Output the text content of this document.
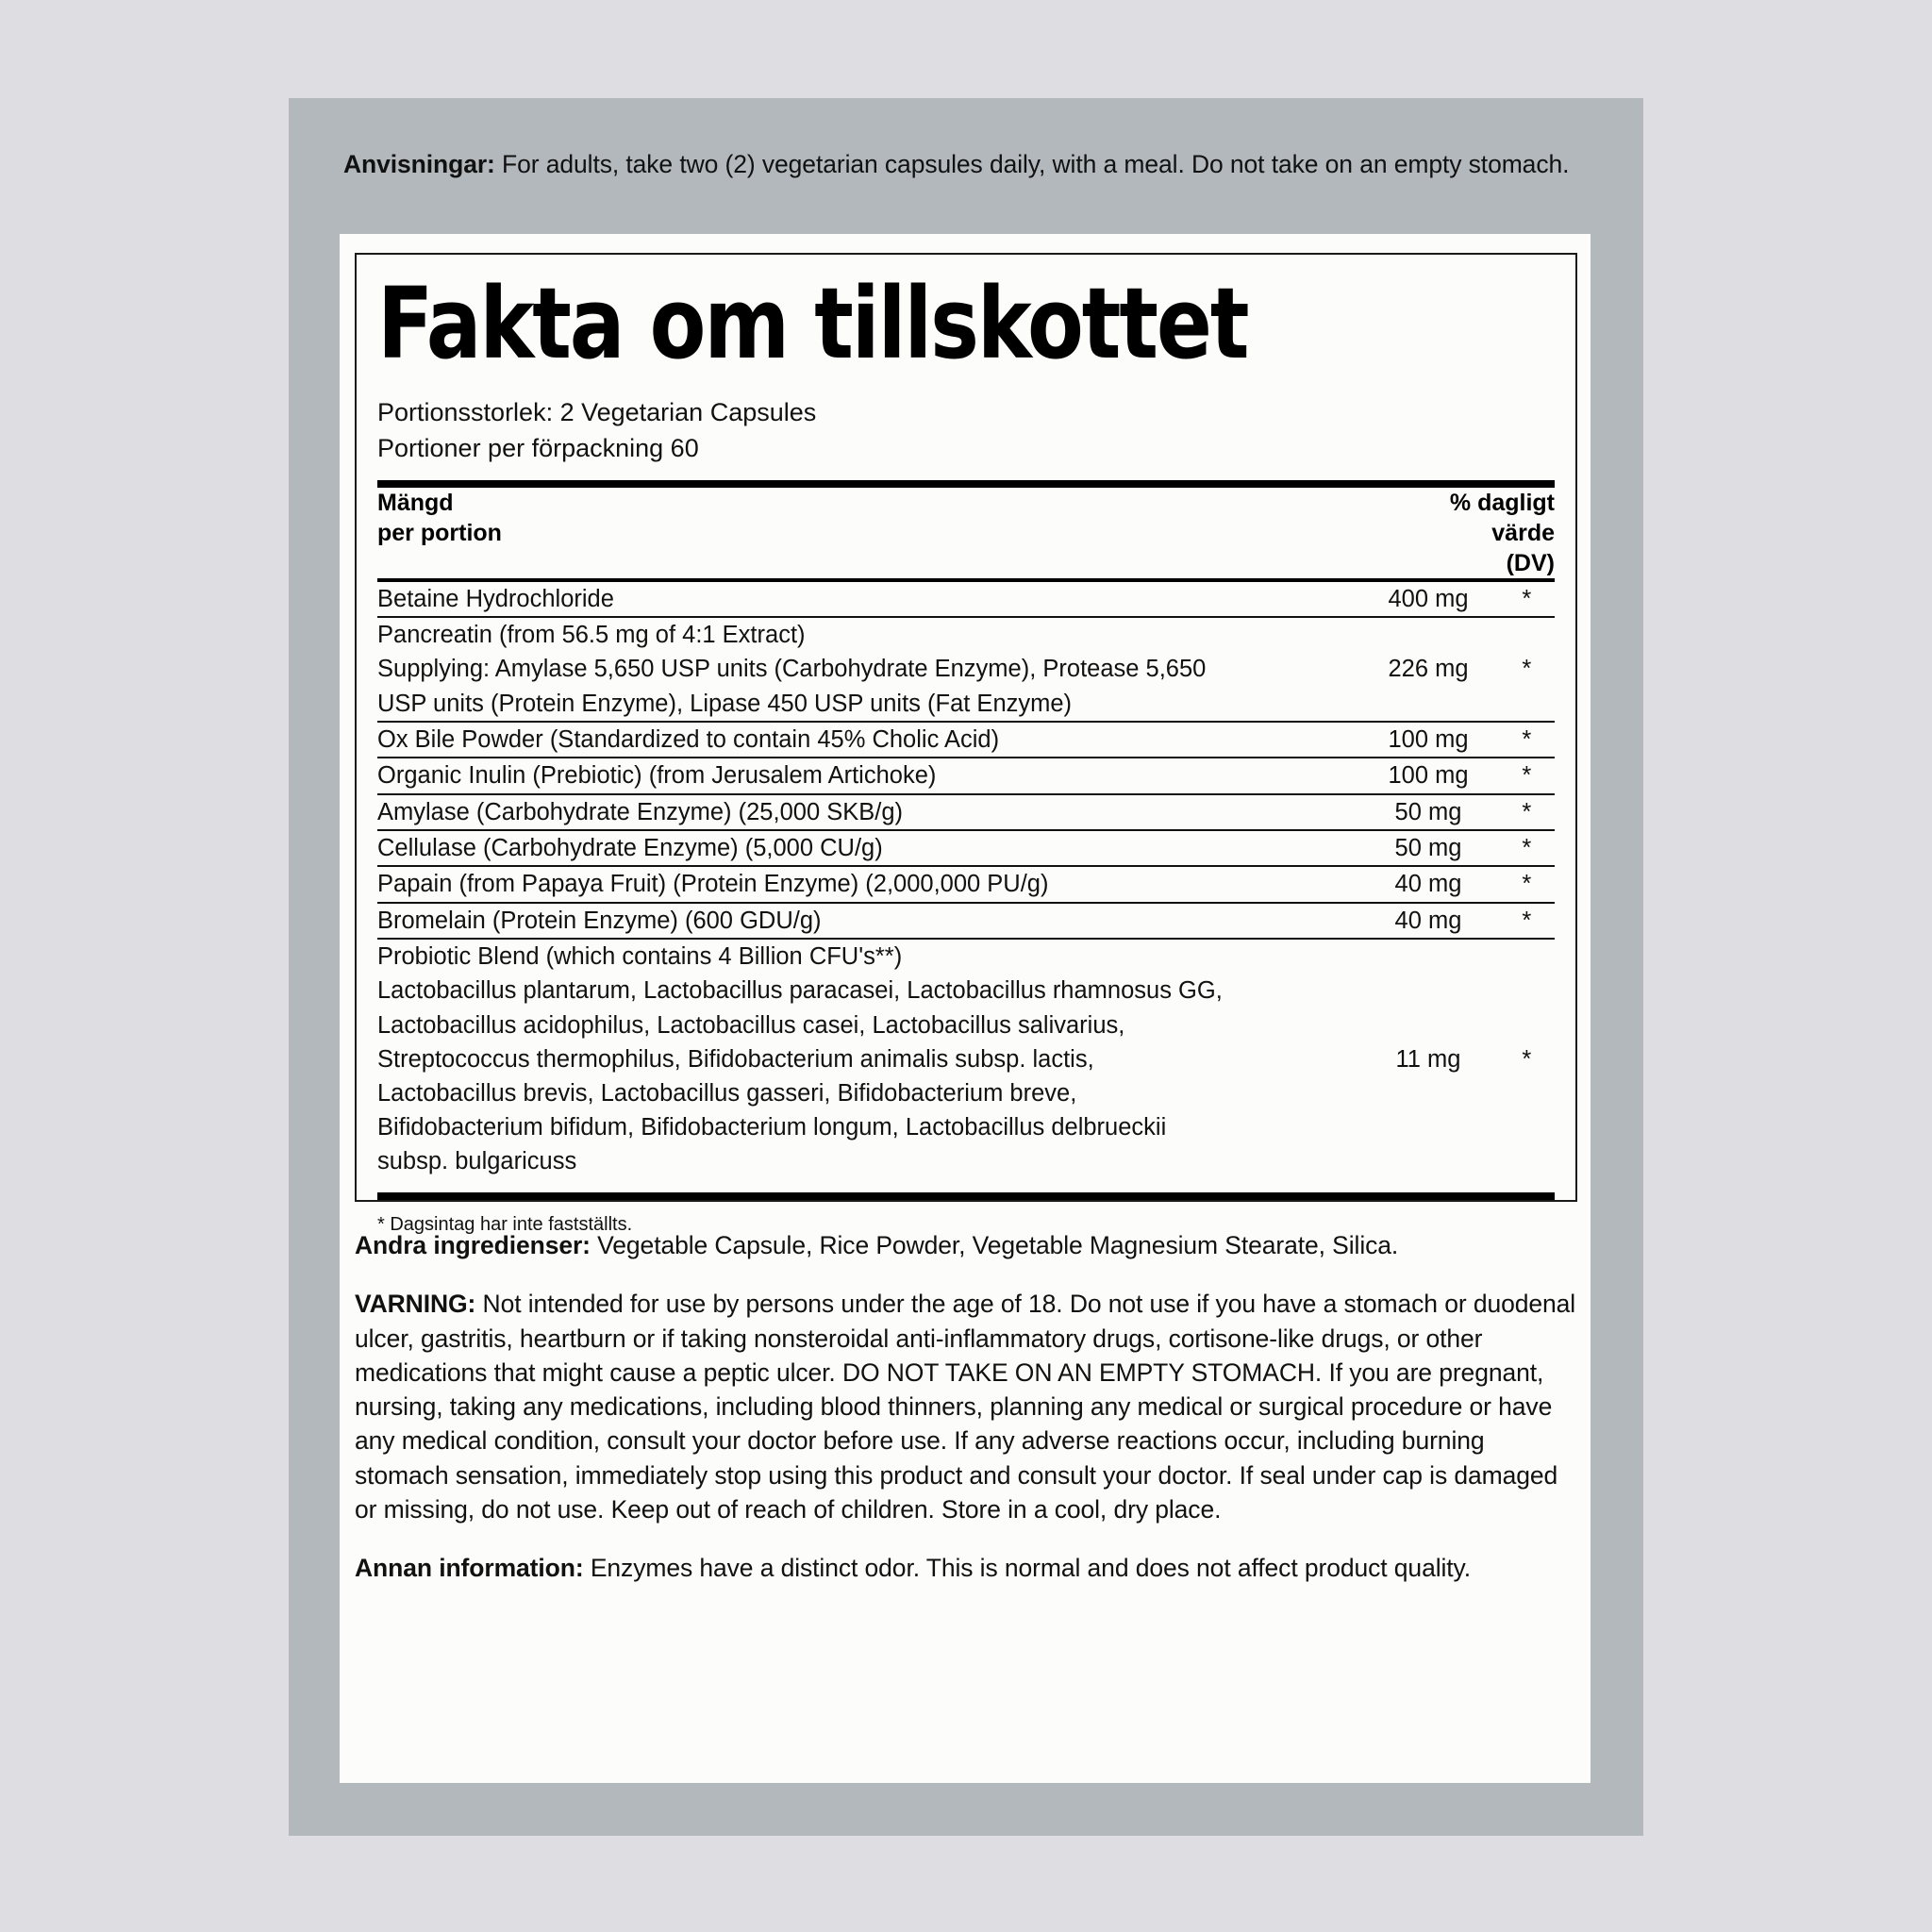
Anvisningar: For adults, take two (2) vegetarian capsules daily, with a meal. Do not take on an empty stomach.
Fakta om tillskottet
Portionsstorlek: 2 Vegetarian Capsules
Portioner per förpackning 60
Mängd
per portion

% dagligt
värde
(DV)
Betaine Hydrochloride	400 mg	*

Pancreatin (from 56.5 mg of 4:1 Extract)
Supplying: Amylase 5,650 USP units (Carbohydrate Enzyme), Protease 5,650
USP units (Protein Enzyme), Lipase 450 USP units (Fat Enzyme)	226 mg	*

Ox Bile Powder (Standardized to contain 45% Cholic Acid)	100 mg	*

Organic Inulin (Prebiotic) (from Jerusalem Artichoke)	100 mg	*

Amylase (Carbohydrate Enzyme) (25,000 SKB/g)	50 mg	*

Cellulase (Carbohydrate Enzyme) (5,000 CU/g)	50 mg	*

Papain (from Papaya Fruit) (Protein Enzyme) (2,000,000 PU/g)	40 mg	*

Bromelain (Protein Enzyme) (600 GDU/g)	40 mg	*

Probiotic Blend (which contains 4 Billion CFU's**)
Lactobacillus plantarum, Lactobacillus paracasei, Lactobacillus rhamnosus GG,
Lactobacillus acidophilus, Lactobacillus casei, Lactobacillus salivarius,
Streptococcus thermophilus, Bifidobacterium animalis subsp. lactis,
Lactobacillus brevis, Lactobacillus gasseri, Bifidobacterium breve,
Bifidobacterium bifidum, Bifidobacterium longum, Lactobacillus delbrueckii
subsp. bulgaricuss
	11 mg	*
* Dagsintag har inte fastställts.

Andra ingredienser: Vegetable Capsule, Rice Powder, Vegetable Magnesium Stearate, Silica.

VARNING: Not intended for use by persons under the age of 18. Do not use if you have a stomach or duodenal ulcer, gastritis, heartburn or if taking nonsteroidal anti-inflammatory drugs, cortisone-like drugs, or other medications that might cause a peptic ulcer. DO NOT TAKE ON AN EMPTY STOMACH. If you are pregnant, nursing, taking any medications, including blood thinners, planning any medical or surgical procedure or have any medical condition, consult your doctor before use. If any adverse reactions occur, including burning stomach sensation, immediately stop using this product and consult your doctor. If seal under cap is damaged or missing, do not use. Keep out of reach of children. Store in a cool, dry place.

Annan information: Enzymes have a distinct odor. This is normal and does not affect product quality.
